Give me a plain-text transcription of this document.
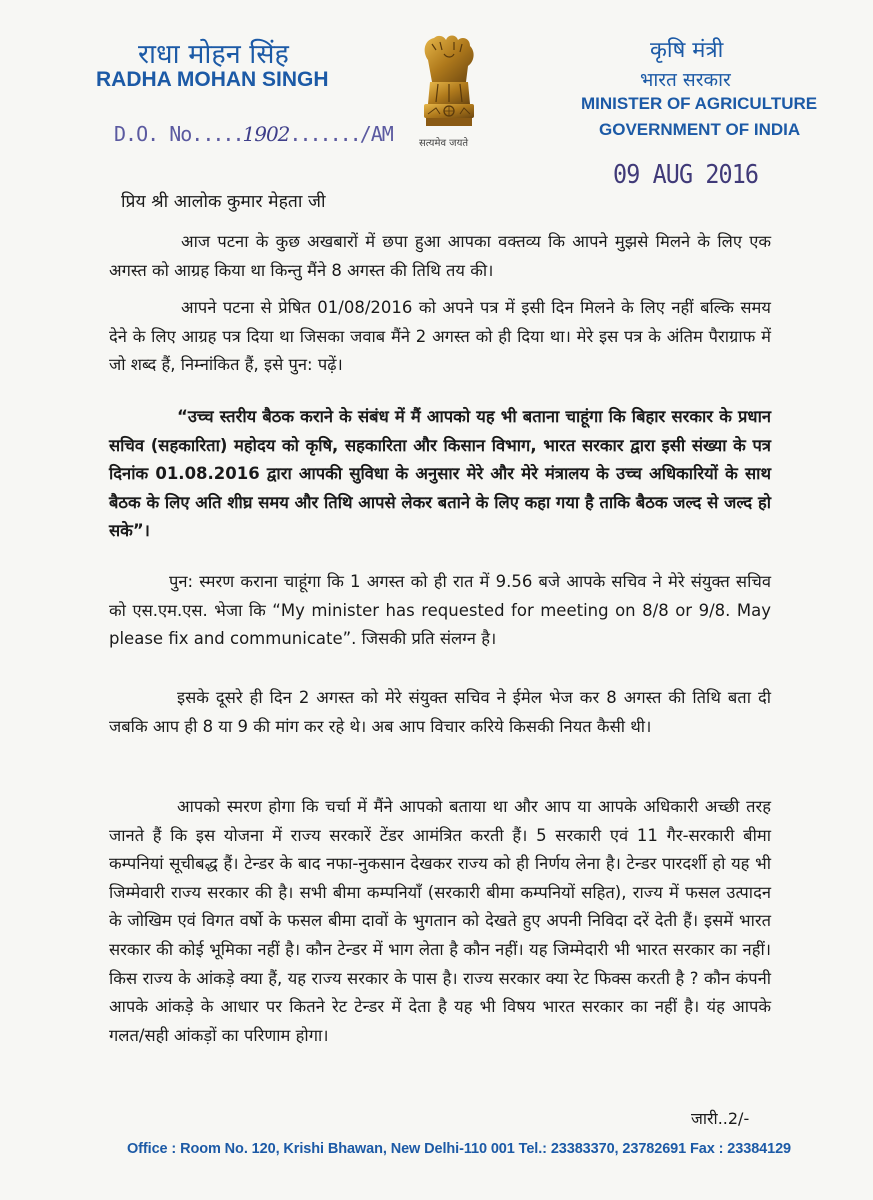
राधा मोहन सिंह
RADHA MOHAN SINGH
D.O. No.....1902......./AM	सत्यमेव जयते
कृषि मंत्री
भारत सरकार
MINISTER OF AGRICULTURE
GOVERNMENT OF INDIA
09 AUG 2016
प्रिय श्री आलोक कुमार मेहता जी

आज पटना के कुछ अखबारों में छपा हुआ आपका वक्तव्य कि आपने मुझसे मिलने के लिए एक अगस्त को आग्रह किया था किन्तु मैंने 8 अगस्त की तिथि तय की।

आपने पटना से प्रेषित 01/08/2016 को अपने पत्र में इसी दिन मिलने के लिए नहीं बल्कि समय देने के लिए आग्रह पत्र दिया था जिसका जवाब मैंने 2 अगस्त को ही दिया था। मेरे इस पत्र के अंतिम पैराग्राफ में जो शब्द हैं, निम्नांकित हैं, इसे पुन: पढ़ें।

“उच्च स्तरीय बैठक कराने के संबंध में मैं आपको यह भी बताना चाहूंगा कि बिहार सरकार के प्रधान सचिव (सहकारिता) महोदय को कृषि, सहकारिता और किसान विभाग, भारत सरकार द्वारा इसी संख्या के पत्र दिनांक 01.08.2016 द्वारा आपकी सुविधा के अनुसार मेरे और मेरे मंत्रालय के उच्च अधिकारियों के साथ बैठक के लिए अति शीघ्र समय और तिथि आपसे लेकर बताने के लिए कहा गया है ताकि बैठक जल्द से जल्द हो सके”।

पुन: स्मरण कराना चाहूंगा कि 1 अगस्त को ही रात में 9.56 बजे आपके सचिव ने मेरे संयुक्त सचिव को एस.एम.एस. भेजा कि “My minister has requested for meeting on 8/8 or 9/8. May please fix and communicate”. जिसकी प्रति संलग्न है।

इसके दूसरे ही दिन 2 अगस्त को मेरे संयुक्त सचिव ने ईमेल भेज कर 8 अगस्त की तिथि बता दी जबकि आप ही 8 या 9 की मांग कर रहे थे। अब आप विचार करिये किसकी नियत कैसी थी।

आपको स्मरण होगा कि चर्चा में मैंने आपको बताया था और आप या आपके अधिकारी अच्छी तरह जानते हैं कि इस योजना में राज्य सरकारें टेंडर आमंत्रित करती हैं। 5 सरकारी एवं 11 गैर-सरकारी बीमा कम्पनियां सूचीबद्ध हैं। टेन्डर के बाद नफा-नुकसान देखकर राज्य को ही निर्णय लेना है। टेन्डर पारदर्शी हो यह भी जिम्मेवारी राज्य सरकार की है। सभी बीमा कम्पनियाँ (सरकारी बीमा कम्पनियों सहित), राज्य में फसल उत्पादन के जोखिम एवं विगत वर्षो के फसल बीमा दावों के भुगतान को देखते हुए अपनी निविदा दरें देती हैं। इसमें भारत सरकार की कोई भूमिका नहीं है। कौन टेन्डर में भाग लेता है कौन नहीं। यह जिम्मेदारी भी भारत सरकार का नहीं। किस राज्य के आंकड़े क्या हैं, यह राज्य सरकार के पास है। राज्य सरकार क्या रेट फिक्स करती है ? कौन कंपनी आपके आंकड़े के आधार पर कितने रेट टेन्डर में देता है यह भी विषय भारत सरकार का नहीं है। यंह आपके गलत/सही आंकड़ों का परिणाम होगा।

जारी..2/-
Office : Room No. 120, Krishi Bhawan, New Delhi-110 001 Tel.: 23383370, 23782691 Fax : 23384129
